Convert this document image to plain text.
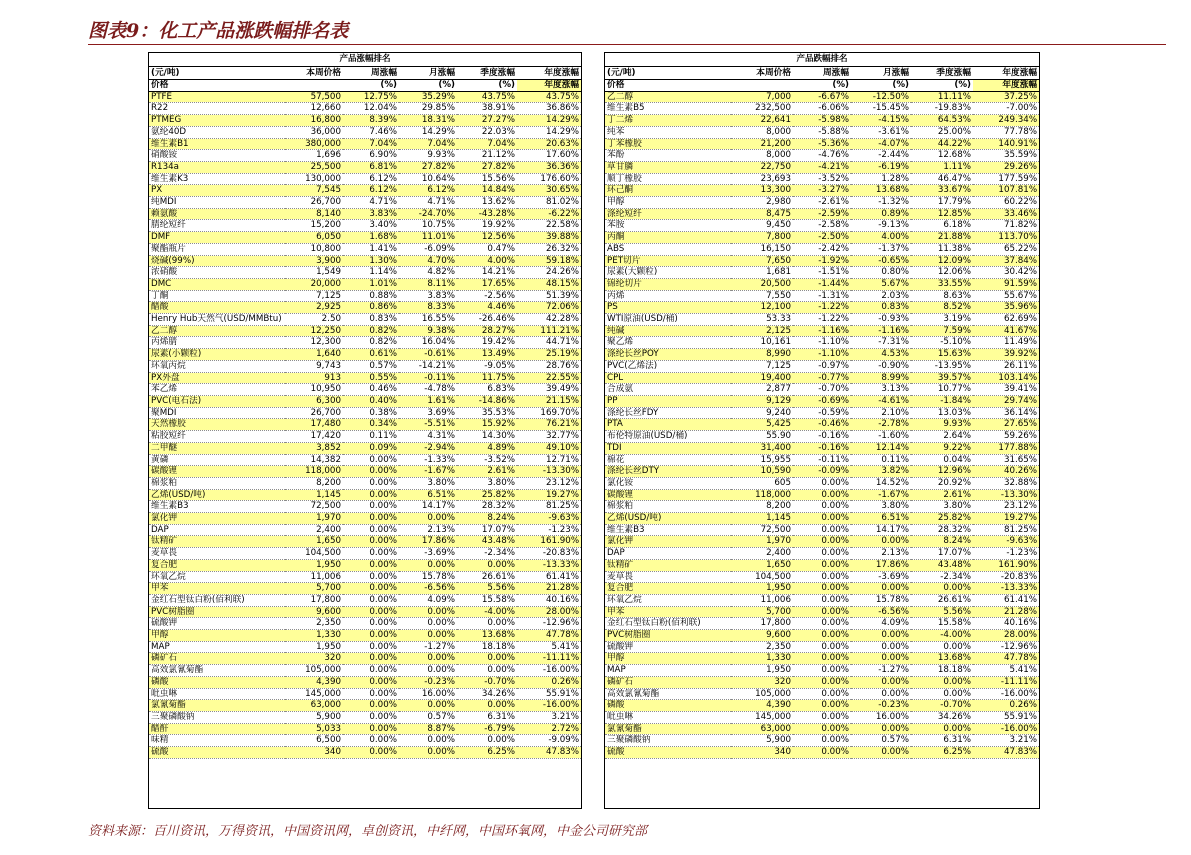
图表9：化工产品涨跌幅排名表
产品涨幅排名					
(元/吨)	本周价格	周涨幅	月涨幅	季度涨幅	年度涨幅
价格		(%)	(%)	(%)	年度涨幅
PTFE	57,500	12.75%	35.29%	43.75%	43.75%
R22	12,660	12.04%	29.85%	38.91%	36.86%
PTMEG	16,800	8.39%	18.31%	27.27%	14.29%
氨纶40D	36,000	7.46%	14.29%	22.03%	14.29%
维生素B1	380,000	7.04%	7.04%	7.04%	20.63%
硝酸铵	1,696	6.90%	9.93%	21.12%	17.60%
R134a	25,500	6.81%	27.82%	27.82%	36.36%
维生素K3	130,000	6.12%	10.64%	15.56%	176.60%
PX	7,545	6.12%	6.12%	14.84%	30.65%
纯MDI	26,700	4.71%	4.71%	13.62%	81.02%
赖氨酸	8,140	3.83%	-24.70%	-43.28%	-6.22%
腈纶短纤	15,200	3.40%	10.75%	19.92%	22.58%
DMF	6,050	1.68%	11.01%	12.56%	39.88%
聚酯瓶片	10,800	1.41%	-6.09%	0.47%	26.32%
烧碱(99%)	3,900	1.30%	4.70%	4.00%	59.18%
浓硝酸	1,549	1.14%	4.82%	14.21%	24.26%
DMC	20,000	1.01%	8.11%	17.65%	48.15%
丁酮	7,125	0.88%	3.83%	-2.56%	51.39%
醋酸	2,925	0.86%	8.33%	4.46%	72.06%
Henry Hub天然气(USD/MMBtu)	2.50	0.83%	16.55%	-26.46%	42.28%
乙二醇	12,250	0.82%	9.38%	28.27%	111.21%
丙烯腈	12,300	0.82%	16.04%	19.42%	44.71%
尿素(小颗粒)	1,640	0.61%	-0.61%	13.49%	25.19%
环氧丙烷	9,743	0.57%	-14.21%	-9.05%	28.76%
PX外盘	913	0.55%	-0.11%	11.75%	22.55%
苯乙烯	10,950	0.46%	-4.78%	6.83%	39.49%
PVC(电石法)	6,300	0.40%	1.61%	-14.86%	21.15%
聚MDI	26,700	0.38%	3.69%	35.53%	169.70%
天然橡胶	17,480	0.34%	-5.51%	15.92%	76.21%
粘胶短纤	17,420	0.11%	4.31%	14.30%	32.77%
二甲醚	3,852	0.09%	-2.94%	4.89%	49.10%
黄磷	14,382	0.00%	-1.33%	-3.52%	12.71%
碳酸锂	118,000	0.00%	-1.67%	2.61%	-13.30%
棉浆粕	8,200	0.00%	3.80%	3.80%	23.12%
乙烯(USD/吨)	1,145	0.00%	6.51%	25.82%	19.27%
维生素B3	72,500	0.00%	14.17%	28.32%	81.25%
氯化钾	1,970	0.00%	0.00%	8.24%	-9.63%
DAP	2,400	0.00%	2.13%	17.07%	-1.23%
钛精矿	1,650	0.00%	17.86%	43.48%	161.90%
麦草畏	104,500	0.00%	-3.69%	-2.34%	-20.83%
复合肥	1,950	0.00%	0.00%	0.00%	-13.33%
环氧乙烷	11,006	0.00%	15.78%	26.61%	61.41%
甲苯	5,700	0.00%	-6.56%	5.56%	21.28%
金红石型钛白粉(佰利联)	17,800	0.00%	4.09%	15.58%	40.16%
PVC树脂圈	9,600	0.00%	0.00%	-4.00%	28.00%
硫酸钾	2,350	0.00%	0.00%	0.00%	-12.96%
甲醇	1,330	0.00%	0.00%	13.68%	47.78%
MAP	1,950	0.00%	-1.27%	18.18%	5.41%
磷矿石	320	0.00%	0.00%	0.00%	-11.11%
高效氯氰菊酯	105,000	0.00%	0.00%	0.00%	-16.00%
磷酸	4,390	0.00%	-0.23%	-0.70%	0.26%
吡虫啉	145,000	0.00%	16.00%	34.26%	55.91%
氯氰菊酯	63,000	0.00%	0.00%	0.00%	-16.00%
三聚磷酸钠	5,900	0.00%	0.57%	6.31%	3.21%
醋酐	5,033	0.00%	8.87%	-6.79%	2.72%
味精	6,500	0.00%	0.00%	0.00%	-9.09%
硫酸	340	0.00%	0.00%	6.25%	47.83%
产品跌幅排名					
(元/吨)	本周价格	周涨幅	月涨幅	季度涨幅	年度涨幅
价格		(%)	(%)	(%)	年度涨幅
乙二醇	7,000	-6.67%	-12.50%	11.11%	37.25%
维生素B5	232,500	-6.06%	-15.45%	-19.83%	-7.00%
丁二烯	22,641	-5.98%	-4.15%	64.53%	249.34%
纯苯	8,000	-5.88%	-3.61%	25.00%	77.78%
丁苯橡胶	21,200	-5.36%	-4.07%	44.22%	140.91%
苯酚	8,000	-4.76%	-2.44%	12.68%	35.59%
草甘膦	22,750	-4.21%	-6.19%	1.11%	29.26%
顺丁橡胶	23,693	-3.52%	1.28%	46.47%	177.59%
环己酮	13,300	-3.27%	13.68%	33.67%	107.81%
甲醇	2,980	-2.61%	-1.32%	17.79%	60.22%
涤纶短纤	8,475	-2.59%	0.89%	12.85%	33.46%
苯胺	9,450	-2.58%	-9.13%	6.18%	71.82%
丙酮	7,800	-2.50%	4.00%	21.88%	113.70%
ABS	16,150	-2.42%	-1.37%	11.38%	65.22%
PET切片	7,650	-1.92%	-0.65%	12.09%	37.84%
尿素(大颗粒)	1,681	-1.51%	0.80%	12.06%	30.42%
锦纶切片	20,500	-1.44%	5.67%	33.55%	91.59%
丙烯	7,550	-1.31%	2.03%	8.63%	55.67%
PS	12,100	-1.22%	0.83%	8.52%	35.96%
WTI原油(USD/桶)	53.33	-1.22%	-0.93%	3.19%	62.69%
纯碱	2,125	-1.16%	-1.16%	7.59%	41.67%
聚乙烯	10,161	-1.10%	-7.31%	-5.10%	11.49%
涤纶长丝POY	8,990	-1.10%	4.53%	15.63%	39.92%
PVC(乙烯法)	7,125	-0.97%	-0.90%	-13.95%	26.11%
CPL	19,400	-0.77%	8.99%	39.57%	103.14%
合成氨	2,877	-0.70%	3.13%	10.77%	39.41%
PP	9,129	-0.69%	-4.61%	-1.84%	29.74%
涤纶长丝FDY	9,240	-0.59%	2.10%	13.03%	36.14%
PTA	5,425	-0.46%	-2.78%	9.93%	27.65%
布伦特原油(USD/桶)	55.90	-0.16%	-1.60%	2.64%	59.26%
TDI	31,400	-0.16%	12.14%	9.22%	177.88%
棉花	15,955	-0.11%	0.11%	0.04%	31.65%
涤纶长丝DTY	10,590	-0.09%	3.82%	12.96%	40.26%
氯化铵	605	0.00%	14.52%	20.92%	32.88%
碳酸锂	118,000	0.00%	-1.67%	2.61%	-13.30%
棉浆粕	8,200	0.00%	3.80%	3.80%	23.12%
乙烯(USD/吨)	1,145	0.00%	6.51%	25.82%	19.27%
维生素B3	72,500	0.00%	14.17%	28.32%	81.25%
氯化钾	1,970	0.00%	0.00%	8.24%	-9.63%
DAP	2,400	0.00%	2.13%	17.07%	-1.23%
钛精矿	1,650	0.00%	17.86%	43.48%	161.90%
麦草畏	104,500	0.00%	-3.69%	-2.34%	-20.83%
复合肥	1,950	0.00%	0.00%	0.00%	-13.33%
环氧乙烷	11,006	0.00%	15.78%	26.61%	61.41%
甲苯	5,700	0.00%	-6.56%	5.56%	21.28%
金红石型钛白粉(佰利联)	17,800	0.00%	4.09%	15.58%	40.16%
PVC树脂圈	9,600	0.00%	0.00%	-4.00%	28.00%
硫酸钾	2,350	0.00%	0.00%	0.00%	-12.96%
甲醇	1,330	0.00%	0.00%	13.68%	47.78%
MAP	1,950	0.00%	-1.27%	18.18%	5.41%
磷矿石	320	0.00%	0.00%	0.00%	-11.11%
高效氯氰菊酯	105,000	0.00%	0.00%	0.00%	-16.00%
磷酸	4,390	0.00%	-0.23%	-0.70%	0.26%
吡虫啉	145,000	0.00%	16.00%	34.26%	55.91%
氯氰菊酯	63,000	0.00%	0.00%	0.00%	-16.00%
三聚磷酸钠	5,900	0.00%	0.57%	6.31%	3.21%
硫酸	340	0.00%	0.00%	6.25%	47.83%
资料来源：百川资讯，万得资讯，中国资讯网，卓创资讯，中纤网，中国环氧网，中金公司研究部
